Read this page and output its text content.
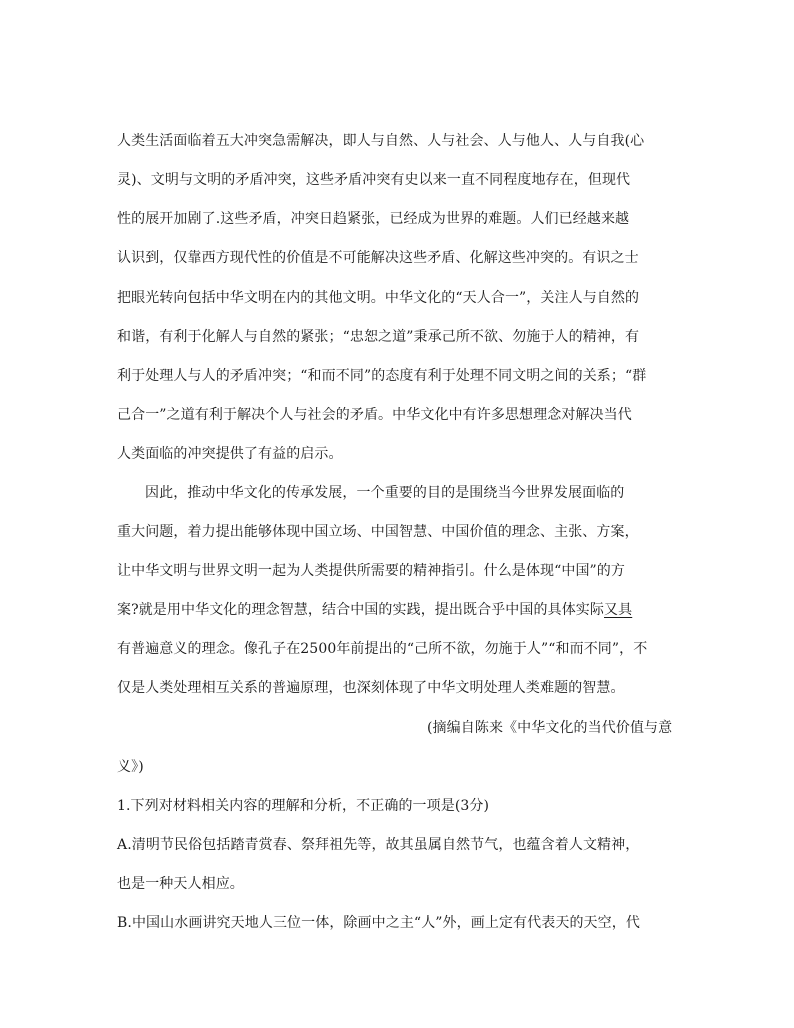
人类生活面临着五大冲突急需解决，即人与自然、人与社会、人与他人、人与自我(心
灵)、文明与文明的矛盾冲突，这些矛盾冲突有史以来一直不同程度地存在，但现代
性的展开加剧了.这些矛盾，冲突日趋紧张，已经成为世界的难题。人们已经越来越
认识到，仅靠西方现代性的价值是不可能解决这些矛盾、化解这些冲突的。有识之士
把眼光转向包括中华文明在内的其他文明。中华文化的“天人合一”，关注人与自然的
和谐，有利于化解人与自然的紧张；“忠恕之道”秉承己所不欲、勿施于人的精神，有
利于处理人与人的矛盾冲突；“和而不同”的态度有利于处理不同文明之间的关系；“群
己合一”之道有利于解决个人与社会的矛盾。中华文化中有许多思想理念对解决当代
人类面临的冲突提供了有益的启示。
因此，推动中华文化的传承发展，一个重要的目的是围绕当今世界发展面临的
重大问题，着力提出能够体现中国立场、中国智慧、中国价值的理念、主张、方案，
让中华文明与世界文明一起为人类提供所需要的精神指引。什么是体现“中国”的方
案?就是用中华文化的理念智慧，结合中国的实践，提出既合乎中国的具体实际又具
有普遍意义的理念。像孔子在2500年前提出的“己所不欲，勿施于人”“和而不同”，不
仅是人类处理相互关系的普遍原理，也深刻体现了中华文明处理人类难题的智慧。
(摘编自陈来《中华文化的当代价值与意
义》)
1.下列对材料相关内容的理解和分析，不正确的一项是(3分)
A.清明节民俗包括踏青赏春、祭拜祖先等，故其虽属自然节气，也蕴含着人文精神，
也是一种天人相应。
B.中国山水画讲究天地人三位一体，除画中之主“人”外，画上定有代表天的天空，代
